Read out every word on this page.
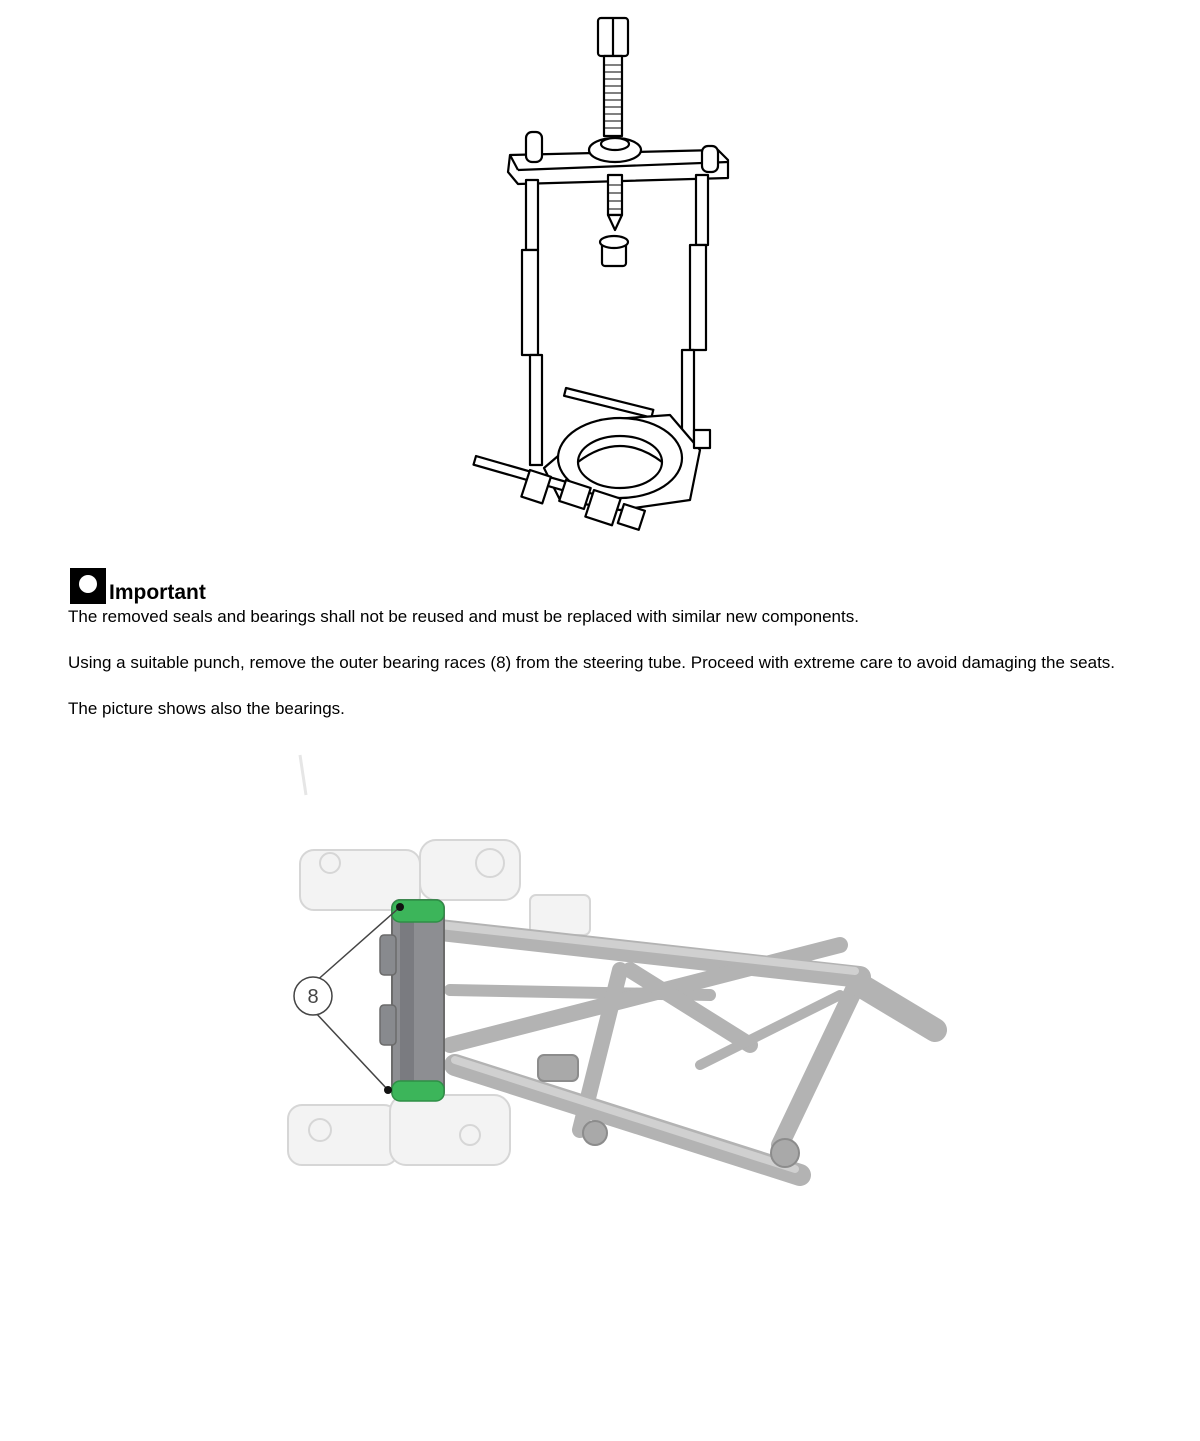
Important

The removed seals and bearings shall not be reused and must be replaced with similar new components.

Using a suitable punch, remove the outer bearing races (8) from the steering tube. Proceed with extreme care to avoid damaging the seats.

The picture shows also the bearings.

8
